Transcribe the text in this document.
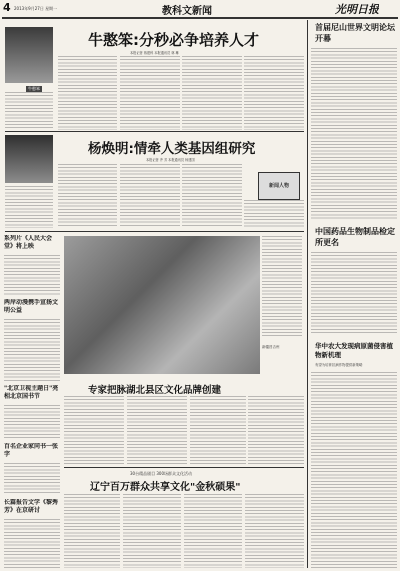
4 2013年9月27日 星期一	教科文新闻	光明日报
牛憨笨
牛憨笨:分秒必争培养人才
本报记者 蒋建科 本报通讯员 林 琳
杨焕明:情牵人类基因组研究
本报记者 齐 芳 本报通讯员 杨建国
新闻人物
系列片《人民大会堂》将上映
两岸动漫携手宣扬文明公益
"北京卫视主题日"亮相北京国书节
百名企业家同书一张字
长篇报告文学《黎秀芳》在京研讨
新疆昌吉州
专家把脉湖北县区文化品牌创建
30台精品剧目 300场群众文化活动
辽宁百万群众共享文化"金秋硕果"
首届尼山世界文明论坛开幕
中国药品生物制品检定所更名
华中农大发现病原菌侵害植物新机理
有望为培育抗病作物提供新策略
